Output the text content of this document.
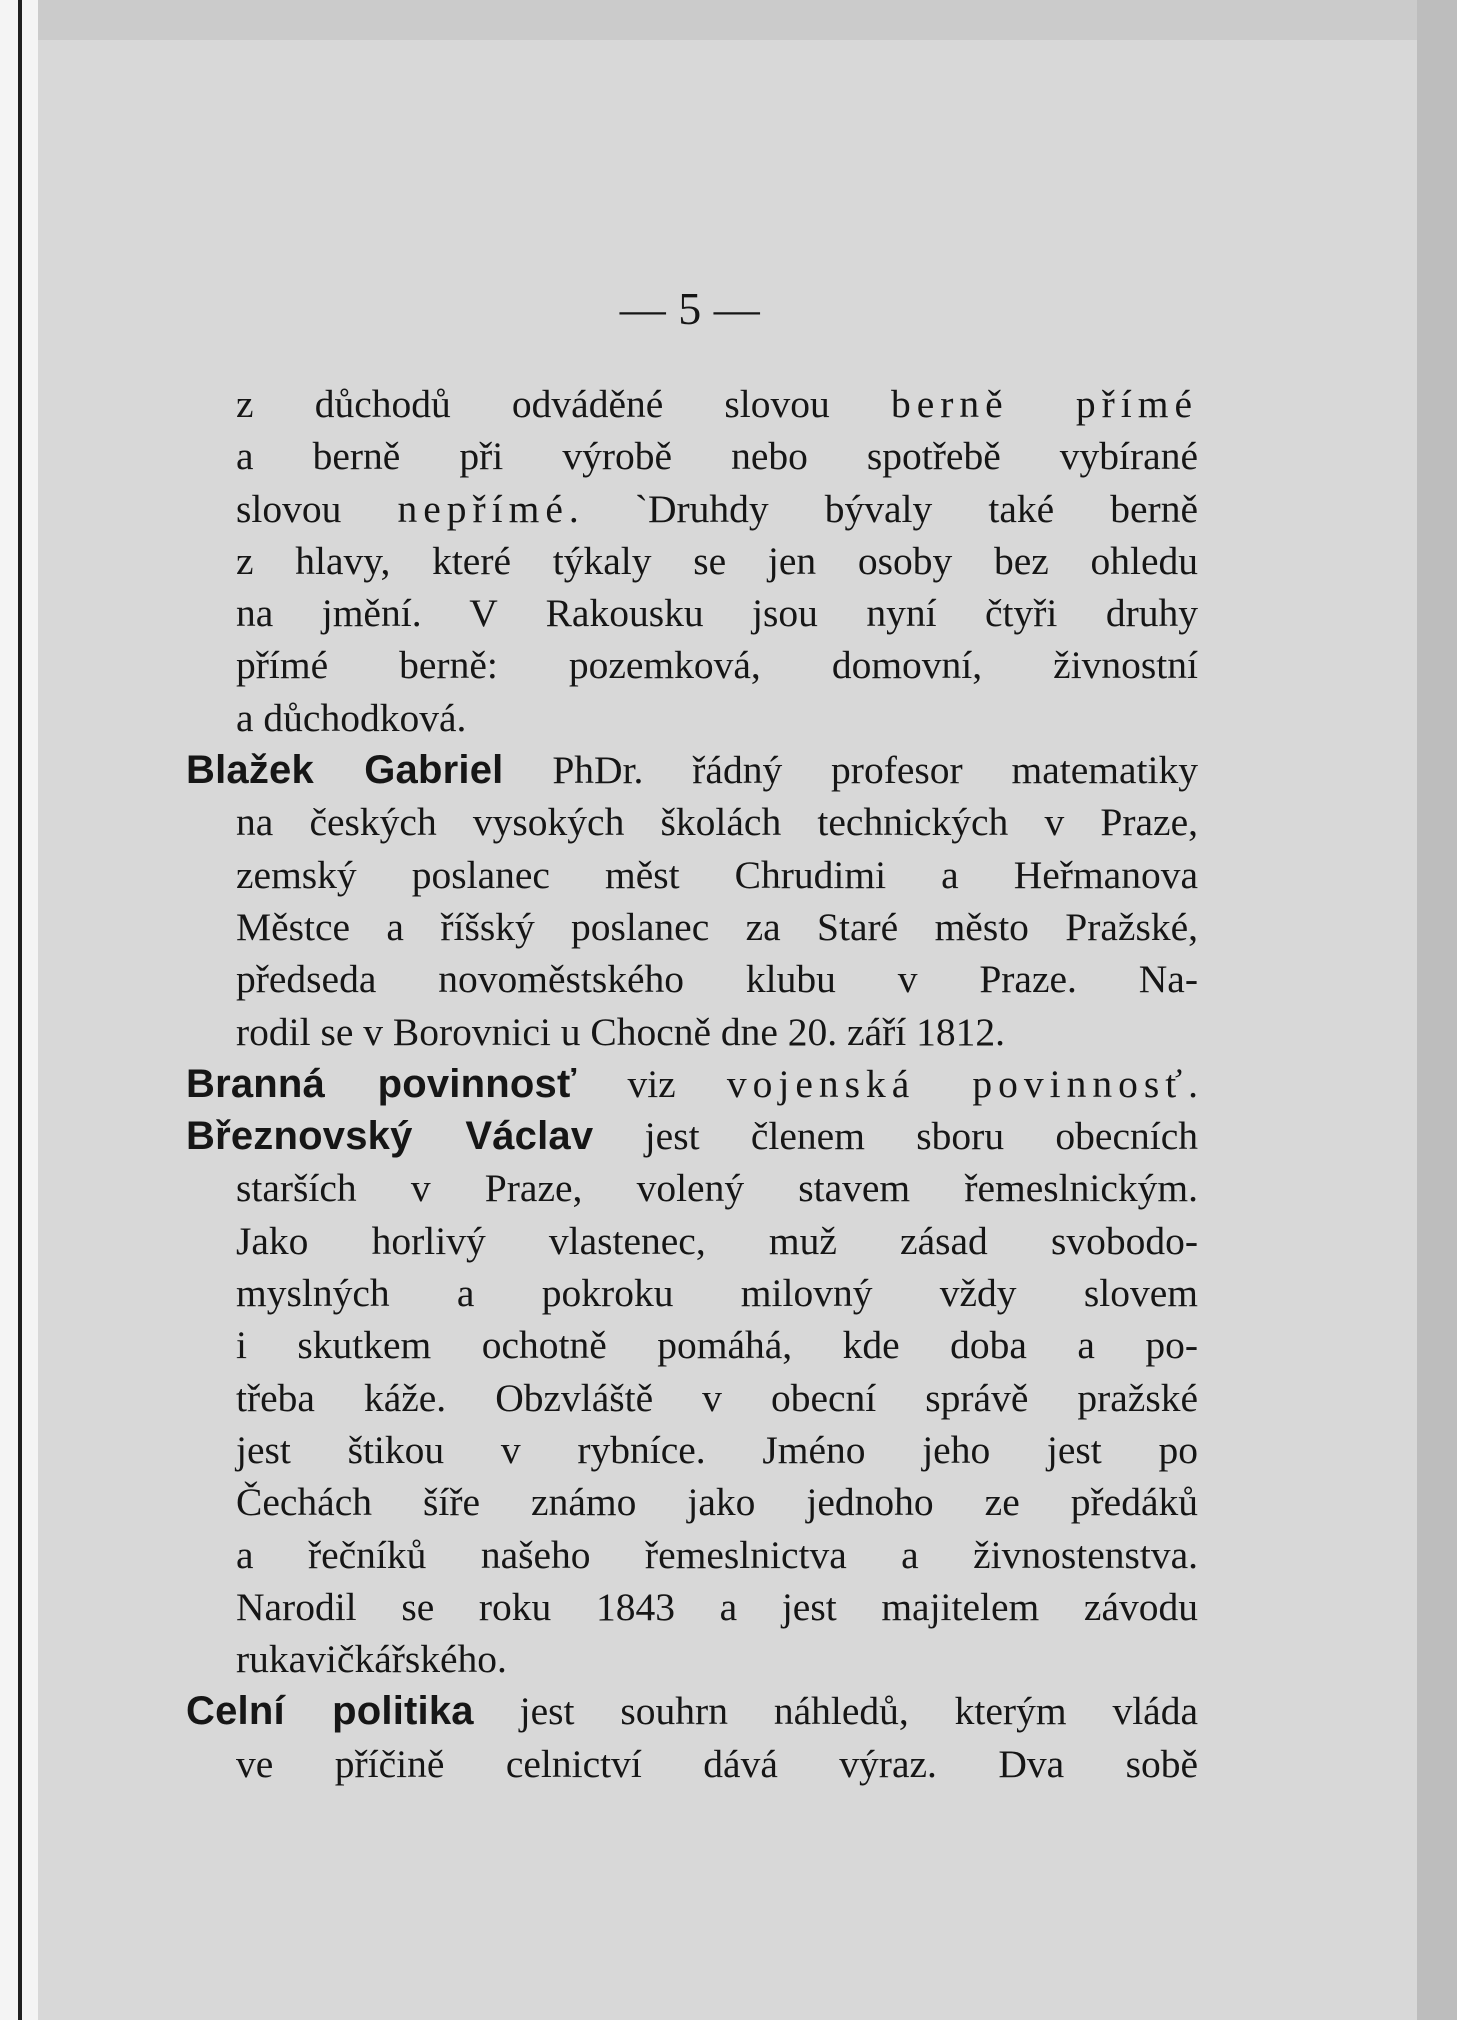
— 5 —
z důchodů odváděné slovou berně přímé
a berně při výrobě nebo spotřebě vybírané
slovou nepřímé. `Druhdy bývaly také berně
z hlavy, které týkaly se jen osoby bez ohledu
na jmění. V Rakousku jsou nyní čtyři druhy
přímé berně: pozemková, domovní, živnostní
a důchodková.
Blažek Gabriel PhDr. řádný profesor matematiky
na českých vysokých školách technických v Praze,
zemský poslanec měst Chrudimi a Heřmanova
Městce a říšský poslanec za Staré město Pražské,
předseda novoměstského klubu v Praze. Na-
rodil se v Borovnici u Chocně dne 20. září 1812.
Branná povinnosť viz vojenská povinnosť.
Březnovský Václav jest členem sboru obecních
starších v Praze, volený stavem řemeslnickým.
Jako horlivý vlastenec, muž zásad svobodo-
myslných a pokroku milovný vždy slovem
i skutkem ochotně pomáhá, kde doba a po-
třeba káže. Obzvláště v obecní správě pražské
jest štikou v rybníce. Jméno jeho jest po
Čechách šíře známo jako jednoho ze předáků
a řečníků našeho řemeslnictva a živnostenstva.
Narodil se roku 1843 a jest majitelem závodu
rukavičkářského.
Celní politika jest souhrn náhledů, kterým vláda
ve příčině celnictví dává výraz. Dva sobě
